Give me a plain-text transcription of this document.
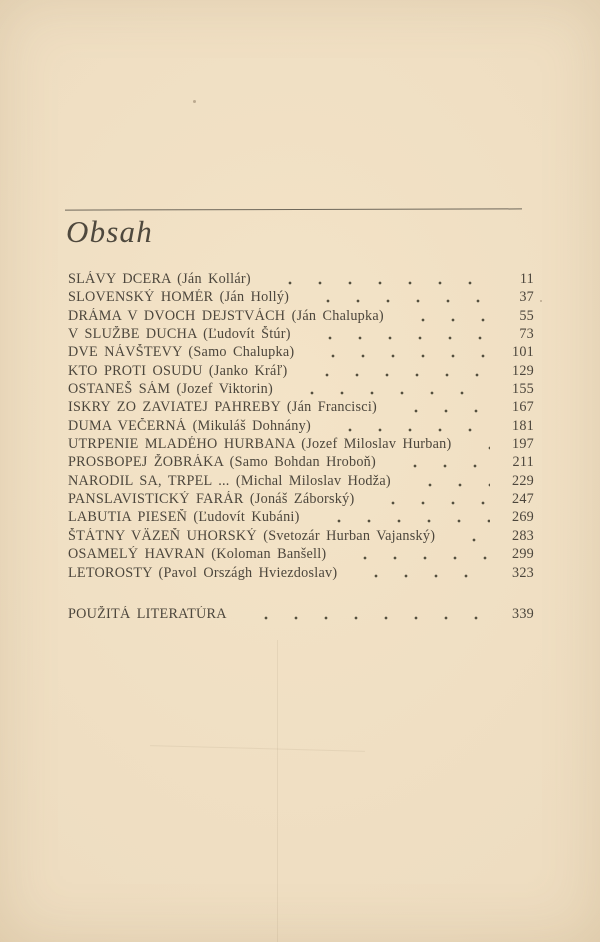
Obsah
SLÁVY DCERA (Ján Kollár)	11
SLOVENSKÝ HOMÉR (Ján Hollý)	37
DRÁMA V DVOCH DEJSTVÁCH (Ján Chalupka)	55
V SLUŽBE DUCHA (Ľudovít Štúr)	73
DVE NÁVŠTEVY (Samo Chalupka)	101
KTO PROTI OSUDU (Janko Kráľ)	129
OSTANEŠ SÁM (Jozef Viktorin)	155
ISKRY ZO ZAVIATEJ PAHREBY (Ján Francisci)	167
DUMA VEČERNÁ (Mikuláš Dohnány)	181
UTRPENIE MLADÉHO HURBANA (Jozef Miloslav Hurban)	197
PROSBOPEJ ŽOBRÁKA (Samo Bohdan Hroboň)	211
NARODIL SA, TRPEL ... (Michal Miloslav Hodža)	229
PANSLAVISTICKÝ FARÁR (Jonáš Záborský)	247
LABUTIA PIESEŇ (Ľudovít Kubáni)	269
ŠTÁTNY VÄZEŇ UHORSKÝ (Svetozár Hurban Vajanský)	283
OSAMELÝ HAVRAN (Koloman Banšell)	299
LETOROSTY (Pavol Országh Hviezdoslav)	323
POUŽITÁ LITERATÚRA	339
